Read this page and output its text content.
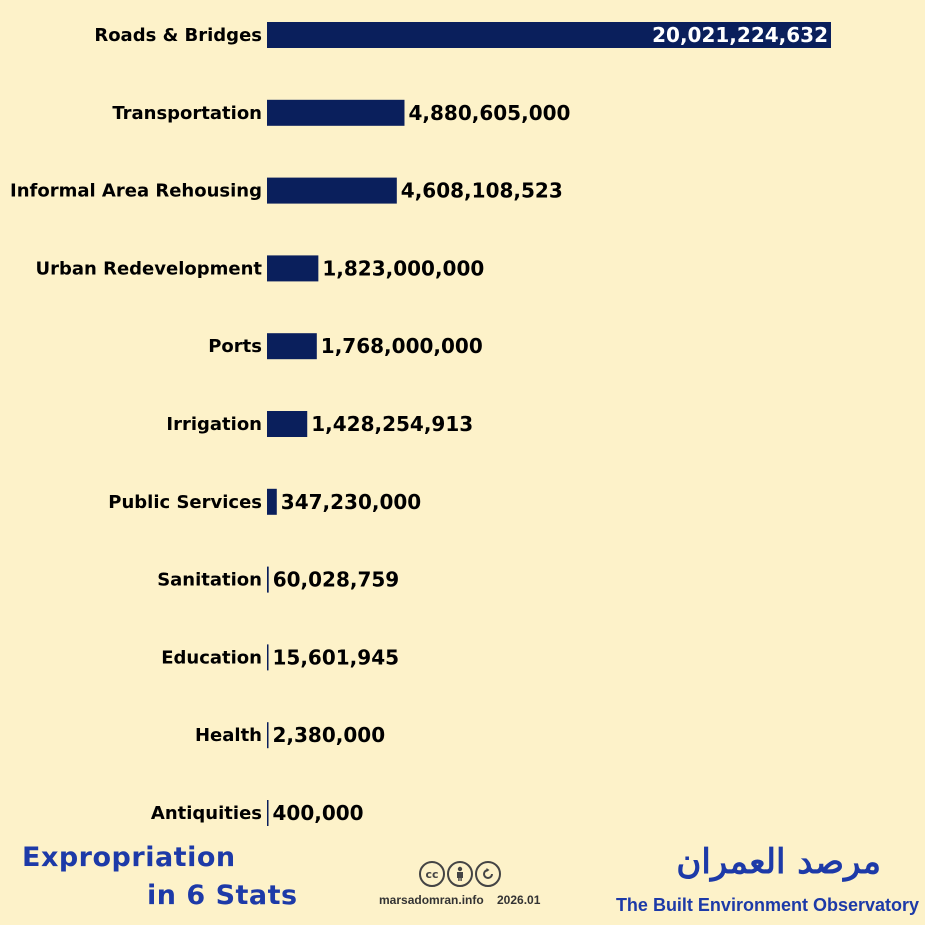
Roads & Bridges	20,021,224,632
Transportation	4,880,605,000
Informal Area Rehousing	4,608,108,523
Urban Redevelopment	1,823,000,000
Ports	1,768,000,000
Irrigation 1,428,254,913
Public Services 347,230,000
Sanitation 60,028,759
Education 15,601,945
Health 2,380,000
Antiquities 400,000
Expropriation
in 6 Stats
cc
marsadomran.info 2026.01
مرصد العمران
The Built Environment Observatory
